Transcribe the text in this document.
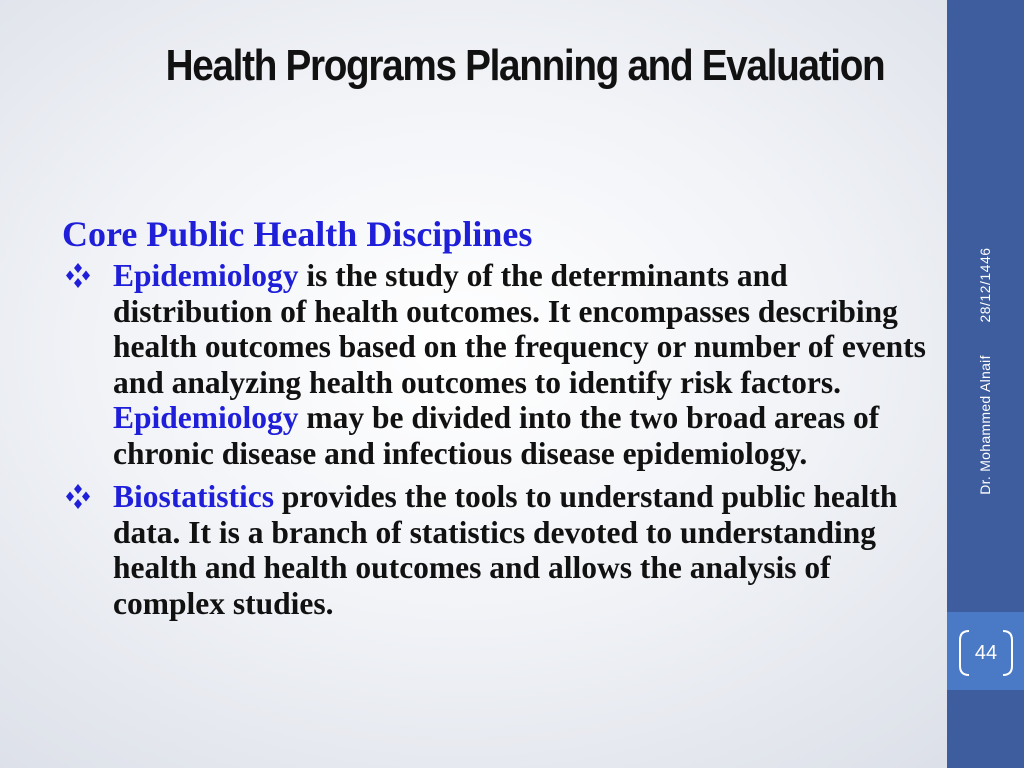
Health Programs Planning and Evaluation
Core Public Health Disciplines
Epidemiology is the study of the determinants and distribution of health outcomes. It encompasses describing health outcomes based on the frequency or number of events and analyzing health outcomes to identify risk factors. Epidemiology may be divided into the two broad areas of chronic disease and infectious disease epidemiology.
Biostatistics provides the tools to understand public health data. It is a branch of statistics devoted to understanding health and health outcomes and allows the analysis of complex studies.
28/12/1446
Dr. Mohammed Alnaif
44
